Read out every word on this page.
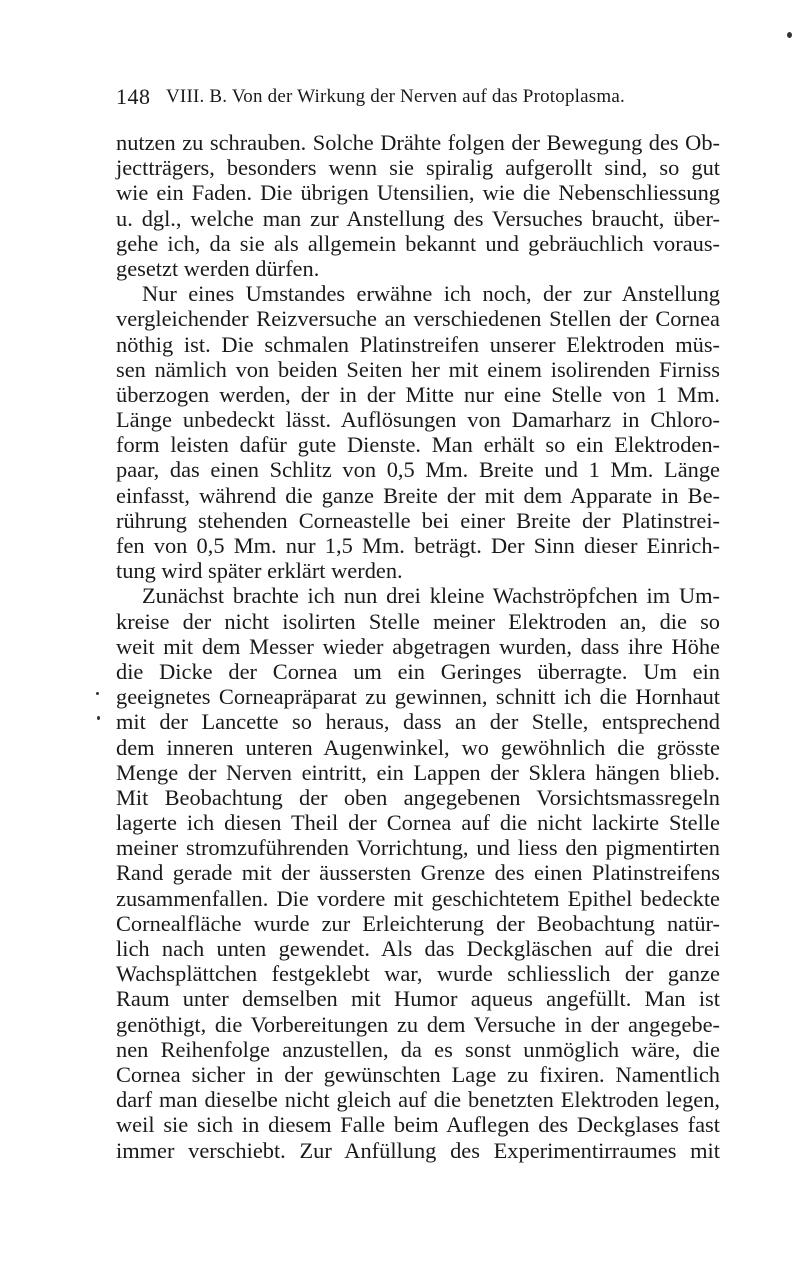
148 VIII. B. Von der Wirkung der Nerven auf das Protoplasma.
nutzen zu schrauben. Solche Drähte folgen der Bewegung des Ob-
jectträgers, besonders wenn sie spiralig aufgerollt sind, so gut
wie ein Faden. Die übrigen Utensilien, wie die Nebenschliessung
u. dgl., welche man zur Anstellung des Versuches braucht, über-
gehe ich, da sie als allgemein bekannt und gebräuchlich voraus-
gesetzt werden dürfen.
Nur eines Umstandes erwähne ich noch, der zur Anstellung
vergleichender Reizversuche an verschiedenen Stellen der Cornea
nöthig ist. Die schmalen Platinstreifen unserer Elektroden müs-
sen nämlich von beiden Seiten her mit einem isolirenden Firniss
überzogen werden, der in der Mitte nur eine Stelle von 1 Mm.
Länge unbedeckt lässt. Auflösungen von Damarharz in Chloro-
form leisten dafür gute Dienste. Man erhält so ein Elektroden-
paar, das einen Schlitz von 0,5 Mm. Breite und 1 Mm. Länge
einfasst, während die ganze Breite der mit dem Apparate in Be-
rührung stehenden Corneastelle bei einer Breite der Platinstrei-
fen von 0,5 Mm. nur 1,5 Mm. beträgt. Der Sinn dieser Einrich-
tung wird später erklärt werden.
Zunächst brachte ich nun drei kleine Wachströpfchen im Um-
kreise der nicht isolirten Stelle meiner Elektroden an, die so
weit mit dem Messer wieder abgetragen wurden, dass ihre Höhe
die Dicke der Cornea um ein Geringes überragte. Um ein
geeignetes Corneapräparat zu gewinnen, schnitt ich die Hornhaut
mit der Lancette so heraus, dass an der Stelle, entsprechend
dem inneren unteren Augenwinkel, wo gewöhnlich die grösste
Menge der Nerven eintritt, ein Lappen der Sklera hängen blieb.
Mit Beobachtung der oben angegebenen Vorsichtsmassregeln
lagerte ich diesen Theil der Cornea auf die nicht lackirte Stelle
meiner stromzuführenden Vorrichtung, und liess den pigmentirten
Rand gerade mit der äussersten Grenze des einen Platinstreifens
zusammenfallen. Die vordere mit geschichtetem Epithel bedeckte
Cornealfläche wurde zur Erleichterung der Beobachtung natür-
lich nach unten gewendet. Als das Deckgläschen auf die drei
Wachsplättchen festgeklebt war, wurde schliesslich der ganze
Raum unter demselben mit Humor aqueus angefüllt. Man ist
genöthigt, die Vorbereitungen zu dem Versuche in der angegebe-
nen Reihenfolge anzustellen, da es sonst unmöglich wäre, die
Cornea sicher in der gewünschten Lage zu fixiren. Namentlich
darf man dieselbe nicht gleich auf die benetzten Elektroden legen,
weil sie sich in diesem Falle beim Auflegen des Deckglases fast
immer verschiebt. Zur Anfüllung des Experimentirraumes mit
